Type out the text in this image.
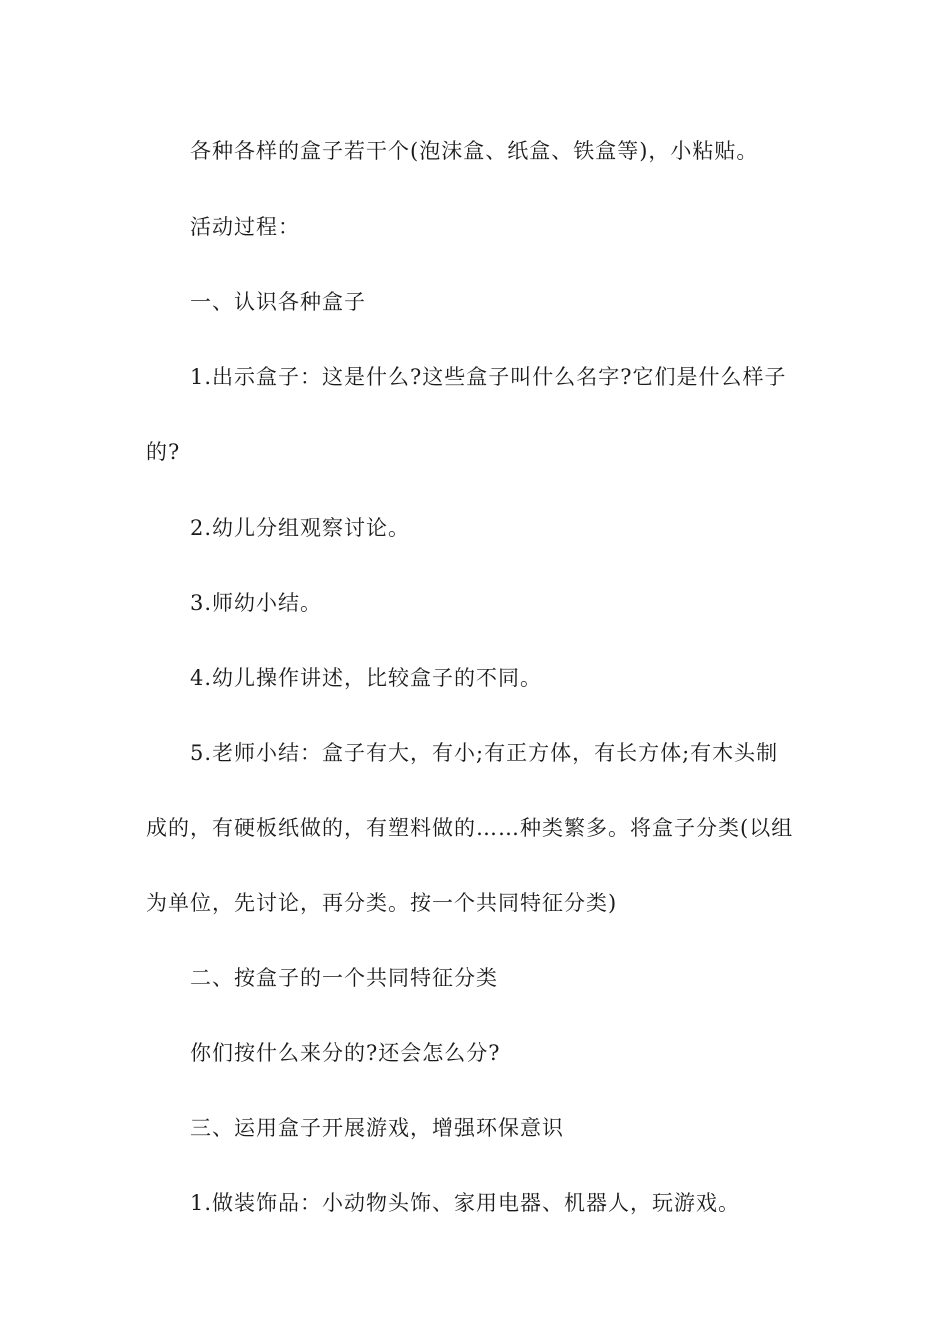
各种各样的盒子若干个(泡沫盒、纸盒、铁盒等)，小粘贴。
活动过程：
一、认识各种盒子
1.出示盒子：这是什么?这些盒子叫什么名字?它们是什么样子
的?
2.幼儿分组观察讨论。
3.师幼小结。
4.幼儿操作讲述，比较盒子的不同。
5.老师小结：盒子有大，有小;有正方体，有长方体;有木头制
成的，有硬板纸做的，有塑料做的……种类繁多。将盒子分类(以组
为单位，先讨论，再分类。按一个共同特征分类)
二、按盒子的一个共同特征分类
你们按什么来分的?还会怎么分?
三、运用盒子开展游戏，增强环保意识
1.做装饰品：小动物头饰、家用电器、机器人，玩游戏。
